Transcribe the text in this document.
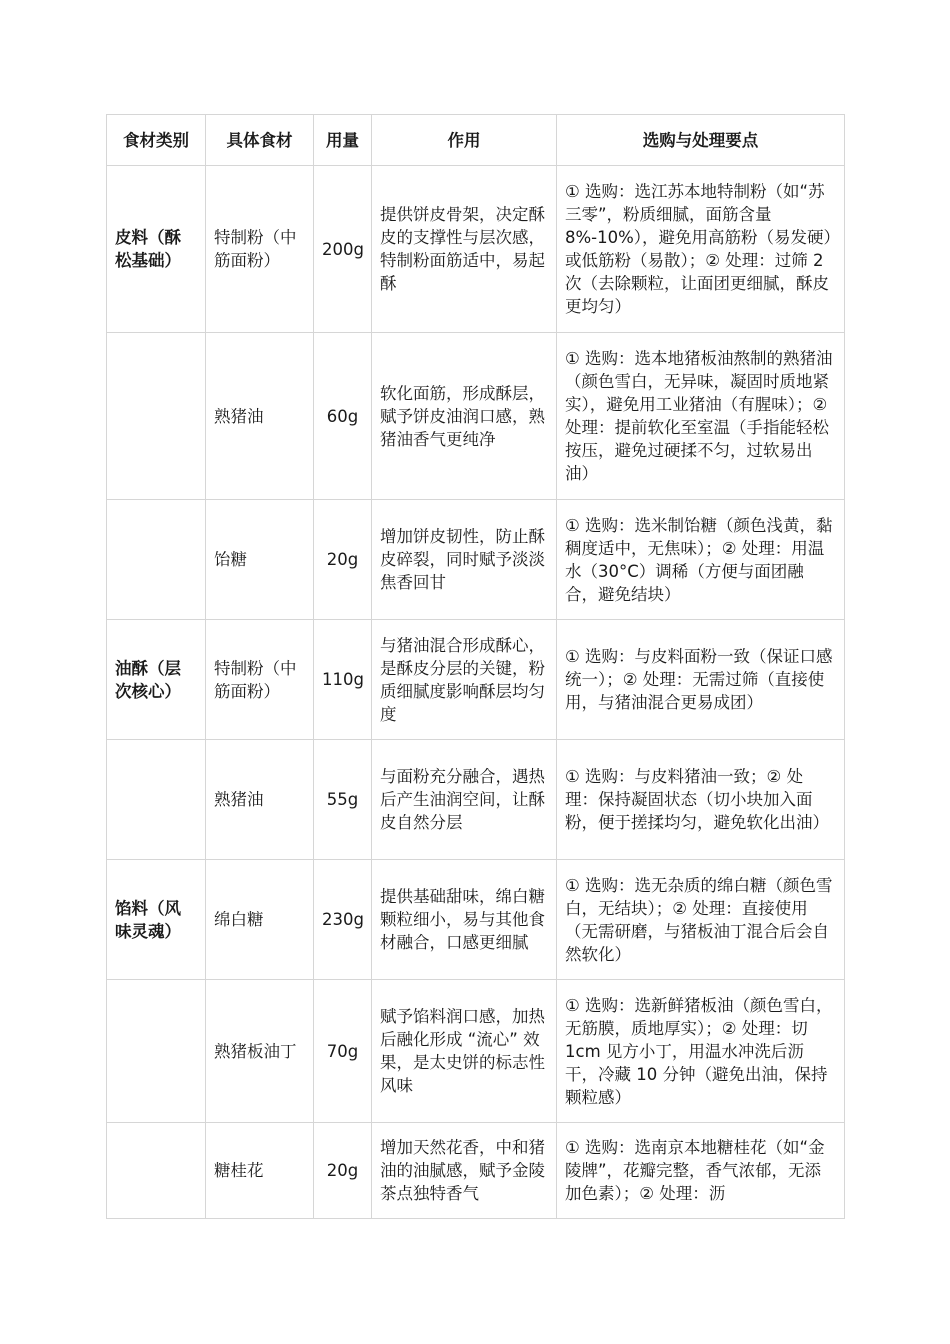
食材类别	具体食材	用量	作用	选购与处理要点
皮料（酥松基础）	特制粉（中筋面粉）	200g	提供饼皮骨架，决定酥皮的支撑性与层次感，特制粉面筋适中，易起酥	① 选购：选江苏本地特制粉（如“苏三零”，粉质细腻，面筋含量8%-10%），避免用高筋粉（易发硬）或低筋粉（易散）；② 处理：过筛 2 次（去除颗粒，让面团更细腻，酥皮更均匀）
	熟猪油	60g	软化面筋，形成酥层，赋予饼皮油润口感，熟猪油香气更纯净	① 选购：选本地猪板油熬制的熟猪油（颜色雪白，无异味，凝固时质地紧实），避免用工业猪油（有腥味）；② 处理：提前软化至室温（手指能轻松按压，避免过硬揉不匀，过软易出油）
	饴糖	20g	增加饼皮韧性，防止酥皮碎裂，同时赋予淡淡焦香回甘	① 选购：选米制饴糖（颜色浅黄，黏稠度适中，无焦味）；② 处理：用温水（30°C）调稀（方便与面团融合，避免结块）
油酥（层次核心）	特制粉（中筋面粉）	110g	与猪油混合形成酥心，是酥皮分层的关键，粉质细腻度影响酥层均匀度	① 选购：与皮料面粉一致（保证口感统一）；② 处理：无需过筛（直接使用，与猪油混合更易成团）
	熟猪油	55g	与面粉充分融合，遇热后产生油润空间，让酥皮自然分层	① 选购：与皮料猪油一致；② 处理：保持凝固状态（切小块加入面粉，便于搓揉均匀，避免软化出油）
馅料（风味灵魂）	绵白糖	230g	提供基础甜味，绵白糖颗粒细小，易与其他食材融合，口感更细腻	① 选购：选无杂质的绵白糖（颜色雪白，无结块）；② 处理：直接使用（无需研磨，与猪板油丁混合后会自然软化）
	熟猪板油丁	70g	赋予馅料润口感，加热后融化形成 “流心” 效果，是太史饼的标志性风味	① 选购：选新鲜猪板油（颜色雪白，无筋膜，质地厚实）；② 处理：切 1cm 见方小丁，用温水冲洗后沥干，冷藏 10 分钟（避免出油，保持颗粒感）
	糖桂花	20g	增加天然花香，中和猪油的油腻感，赋予金陵茶点独特香气	① 选购：选南京本地糖桂花（如“金陵牌”，花瓣完整，香气浓郁，无添加色素）；② 处理：沥
